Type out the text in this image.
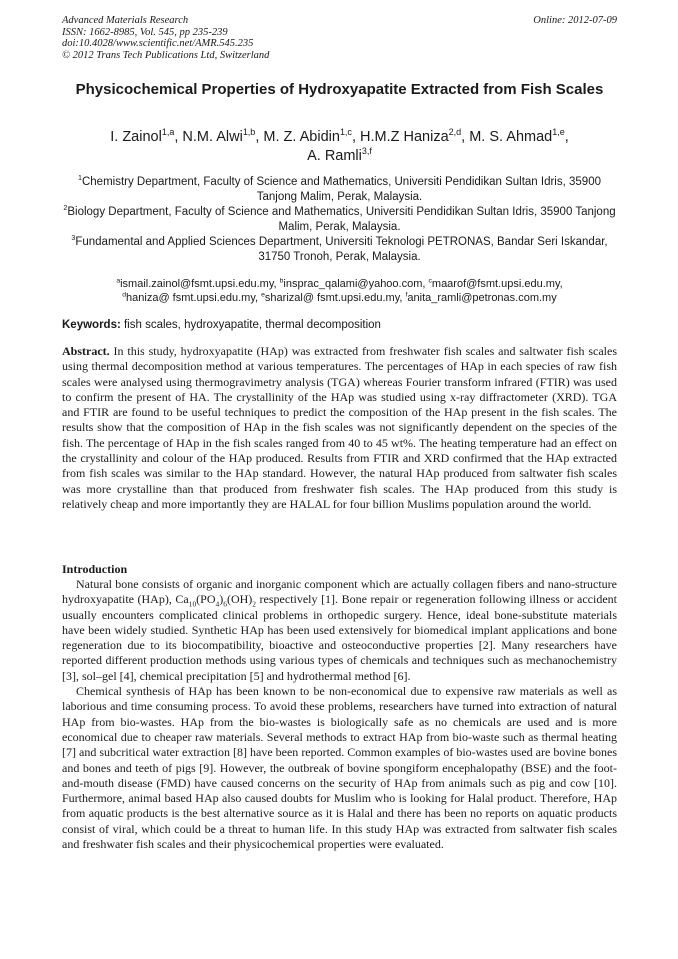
Advanced Materials Research
ISSN: 1662-8985, Vol. 545, pp 235-239
doi:10.4028/www.scientific.net/AMR.545.235
© 2012 Trans Tech Publications Ltd, Switzerland
Online: 2012-07-09
Physicochemical Properties of Hydroxyapatite Extracted from Fish Scales
I. Zainol$^{1,a}$, N.M. Alwi$^{1,b}$, M. Z. Abidin$^{1,c}$, H.M.Z Haniza$^{2,d}$, M. S. Ahmad$^{1,e}$,
A. Ramli$^{3,f}$

$^1$Chemistry Department, Faculty of Science and Mathematics, Universiti Pendidikan Sultan Idris, 35900 Tanjong Malim, Perak, Malaysia.

$^2$Biology Department, Faculty of Science and Mathematics, Universiti Pendidikan Sultan Idris, 35900 Tanjong Malim, Perak, Malaysia.

$^3$Fundamental and Applied Sciences Department, Universiti Teknologi PETRONAS, Bandar Seri Iskandar, 31750 Tronoh, Perak, Malaysia.

$^a$ismail.zainol@fsmt.upsi.edu.my, $^b$insprac_qalami@yahoo.com, $^c$maarof@fsmt.upsi.edu.my,

$^d$haniza@ fsmt.upsi.edu.my, $^e$sharizal@ fsmt.upsi.edu.my, $^f$anita_ramli@petronas.com.my

Keywords: fish scales, hydroxyapatite, thermal decomposition

Abstract. In this study, hydroxyapatite (HAp) was extracted from freshwater fish scales and saltwater fish scales using thermal decomposition method at various temperatures. The percentages of HAp in each species of raw fish scales were analysed using thermogravimetry analysis (TGA) whereas Fourier transform infrared (FTIR) was used to confirm the present of HA. The crystallinity of the HAp was studied using x-ray diffractometer (XRD). TGA and FTIR are found to be useful techniques to predict the composition of the HAp present in the fish scales. The results show that the composition of HAp in the fish scales was not significantly dependent on the species of the fish. The percentage of HAp in the fish scales ranged from 40 to 45 wt%. The heating temperature had an effect on the crystallinity and colour of the HAp produced. Results from FTIR and XRD confirmed that the HAp extracted from fish scales was similar to the HAp standard. However, the natural HAp produced from saltwater fish scales was more crystalline than that produced from freshwater fish scales. The HAp produced from this study is relatively cheap and more importantly they are HALAL for four billion Muslims population around the world.

Introduction

Natural bone consists of organic and inorganic component which are actually collagen fibers and nano-structure hydroxyapatite (HAp), $Ca_{10}(PO_4)_6(OH)_2$ respectively [1]. Bone repair or regeneration following illness or accident usually encounters complicated clinical problems in orthopedic surgery. Hence, ideal bone-substitute materials have been widely studied. Synthetic HAp has been used extensively for biomedical implant applications and bone regeneration due to its biocompatibility, bioactive and osteoconductive properties [2]. Many researchers have reported different production methods using various types of chemicals and techniques such as mechanochemistry [3], sol–gel [4], chemical precipitation [5] and hydrothermal method [6].

Chemical synthesis of HAp has been known to be non-economical due to expensive raw materials as well as laborious and time consuming process. To avoid these problems, researchers have turned into extraction of natural HAp from bio-wastes. HAp from the bio-wastes is biologically safe as no chemicals are used and is more economical due to cheaper raw materials. Several methods to extract HAp from bio-waste such as thermal heating [7] and subcritical water extraction [8] have been reported. Common examples of bio-wastes used are bovine bones and bones and teeth of pigs [9]. However, the outbreak of bovine spongiform encephalopathy (BSE) and the foot-and-mouth disease (FMD) have caused concerns on the security of HAp from animals such as pig and cow [10]. Furthermore, animal based HAp also caused doubts for Muslim who is looking for Halal product. Therefore, HAp from aquatic products is the best alternative source as it is Halal and there has been no reports on aquatic products consist of viral, which could be a threat to human life. In this study HAp was extracted from saltwater fish scales and freshwater fish scales and their physicochemical properties were evaluated.
